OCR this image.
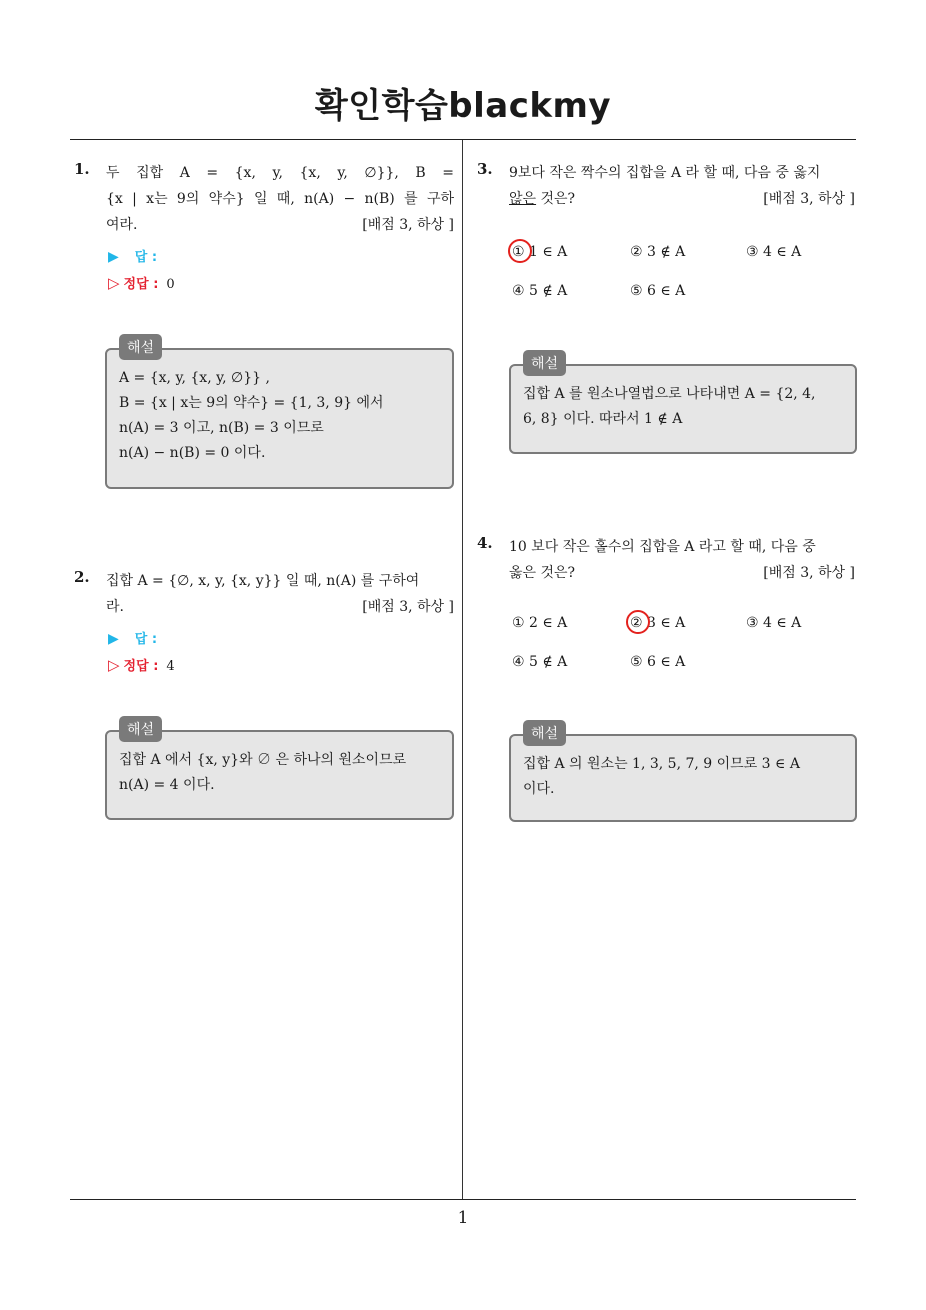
확인학습blackmy
1
1. 두 집합 A = {x, y, {x, y, ∅}}, B =
{x | x는 9의 약수} 일 때, n(A) − n(B) 를 구하
여라.	[배점 3, 하상 ]
▶ 답 :
▷ 정답 : 0
해설
A = {x, y, {x, y, ∅}} ,
B = {x | x는 9의 약수} = {1, 3, 9} 에서
n(A) = 3 이고, n(B) = 3 이므로
n(A) − n(B) = 0 이다.
2. 집합 A = {∅, x, y, {x, y}} 일 때, n(A) 를 구하여
라.	[배점 3, 하상 ]
▶ 답 :
▷ 정답 : 4
해설
집합 A 에서 {x, y}와 ∅ 은 하나의 원소이므로
n(A) = 4 이다.
3. 9보다 작은 짝수의 집합을 A 라 할 때, 다음 중 옳지
않은 것은?	[배점 3, 하상 ]
① 1 ∈ A	② 3 ∉ A	③ 4 ∈ A
④ 5 ∉ A	⑤ 6 ∈ A
해설
집합 A 를 원소나열법으로 나타내면 A = {2, 4,
6, 8} 이다. 따라서 1 ∉ A
4. 10 보다 작은 홀수의 집합을 A 라고 할 때, 다음 중
옳은 것은?	[배점 3, 하상 ]
① 2 ∈ A	② 3 ∈ A	③ 4 ∈ A
④ 5 ∉ A	⑤ 6 ∈ A
해설
집합 A 의 원소는 1, 3, 5, 7, 9 이므로 3 ∈ A
이다.
